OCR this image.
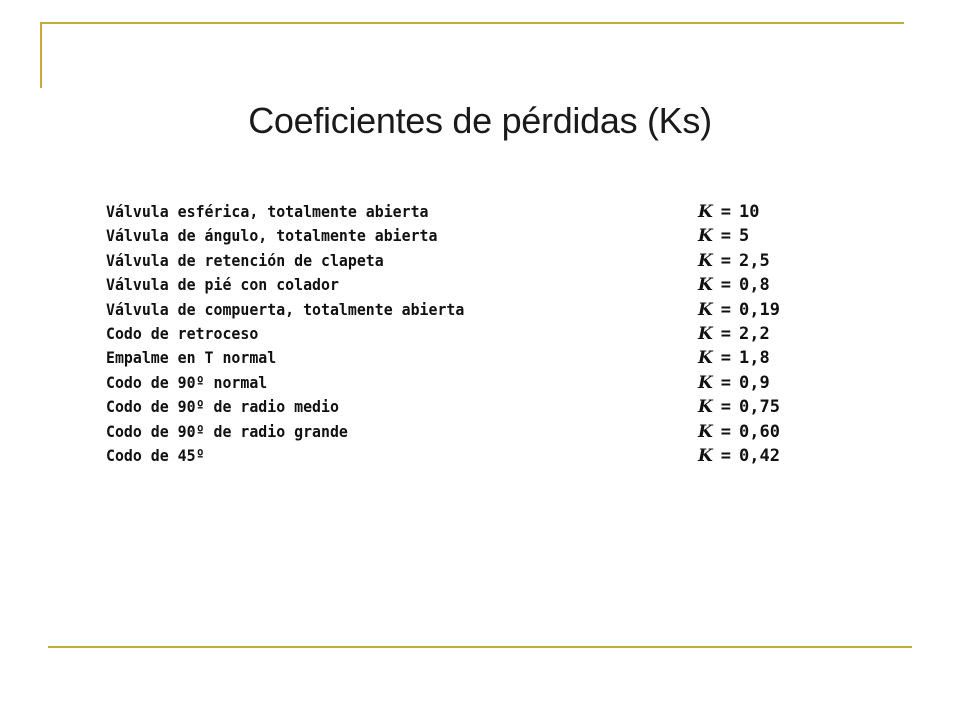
Coeficientes de pérdidas (Ks)
Válvula esférica, totalmente abierta	K = 10
Válvula de ángulo, totalmente abierta	K = 5
Válvula de retención de clapeta	K = 2,5
Válvula de pié con colador	K = 0,8
Válvula de compuerta, totalmente abierta	K = 0,19
Codo de retroceso	K = 2,2
Empalme en T normal	K = 1,8
Codo de 90º normal	K = 0,9
Codo de 90º de radio medio	K = 0,75
Codo de 90º de radio grande	K = 0,60
Codo de 45º	K = 0,42
